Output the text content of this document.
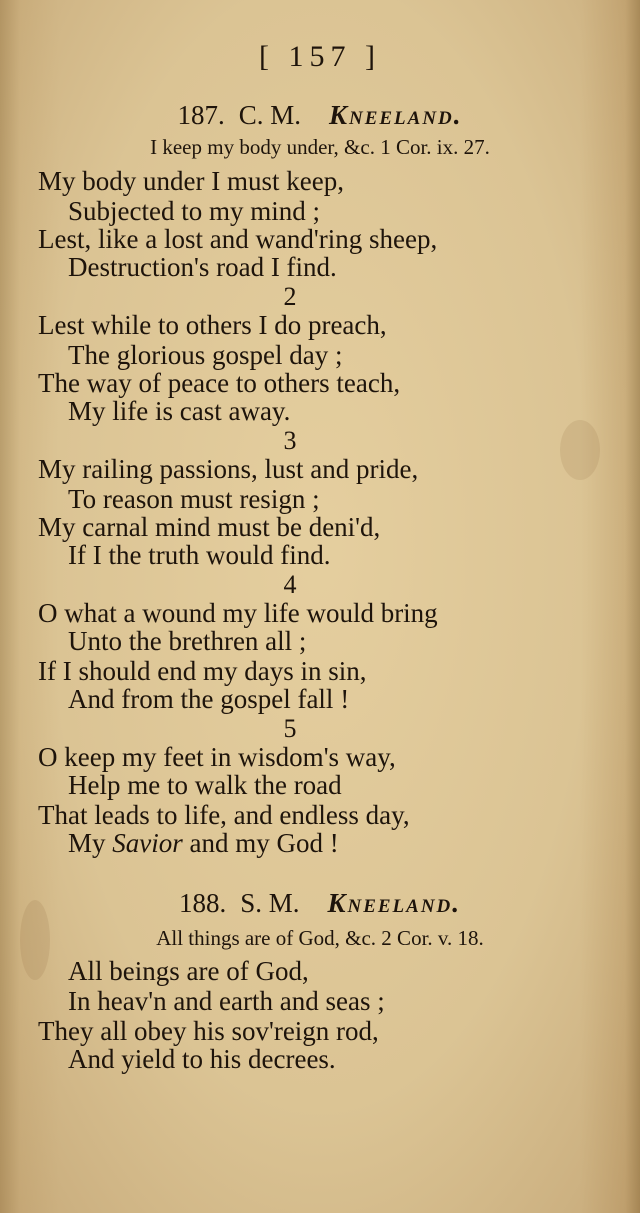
[ 157 ]
187. C. M. Kneeland.
I keep my body under, &c. 1 Cor. ix. 27.
My body under I must keep,
Subjected to my mind ;
Lest, like a lost and wand'ring sheep,
Destruction's road I find.
2
Lest while to others I do preach,
The glorious gospel day ;
The way of peace to others teach,
My life is cast away.
3
My railing passions, lust and pride,
To reason must resign ;
My carnal mind must be deni'd,
If I the truth would find.
4
O what a wound my life would bring
Unto the brethren all ;
If I should end my days in sin,
And from the gospel fall !
5
O keep my feet in wisdom's way,
Help me to walk the road
That leads to life, and endless day,
My Savior and my God !
188. S. M. Kneeland.
All things are of God, &c. 2 Cor. v. 18.
All beings are of God,
In heav'n and earth and seas ;
They all obey his sov'reign rod,
And yield to his decrees.
